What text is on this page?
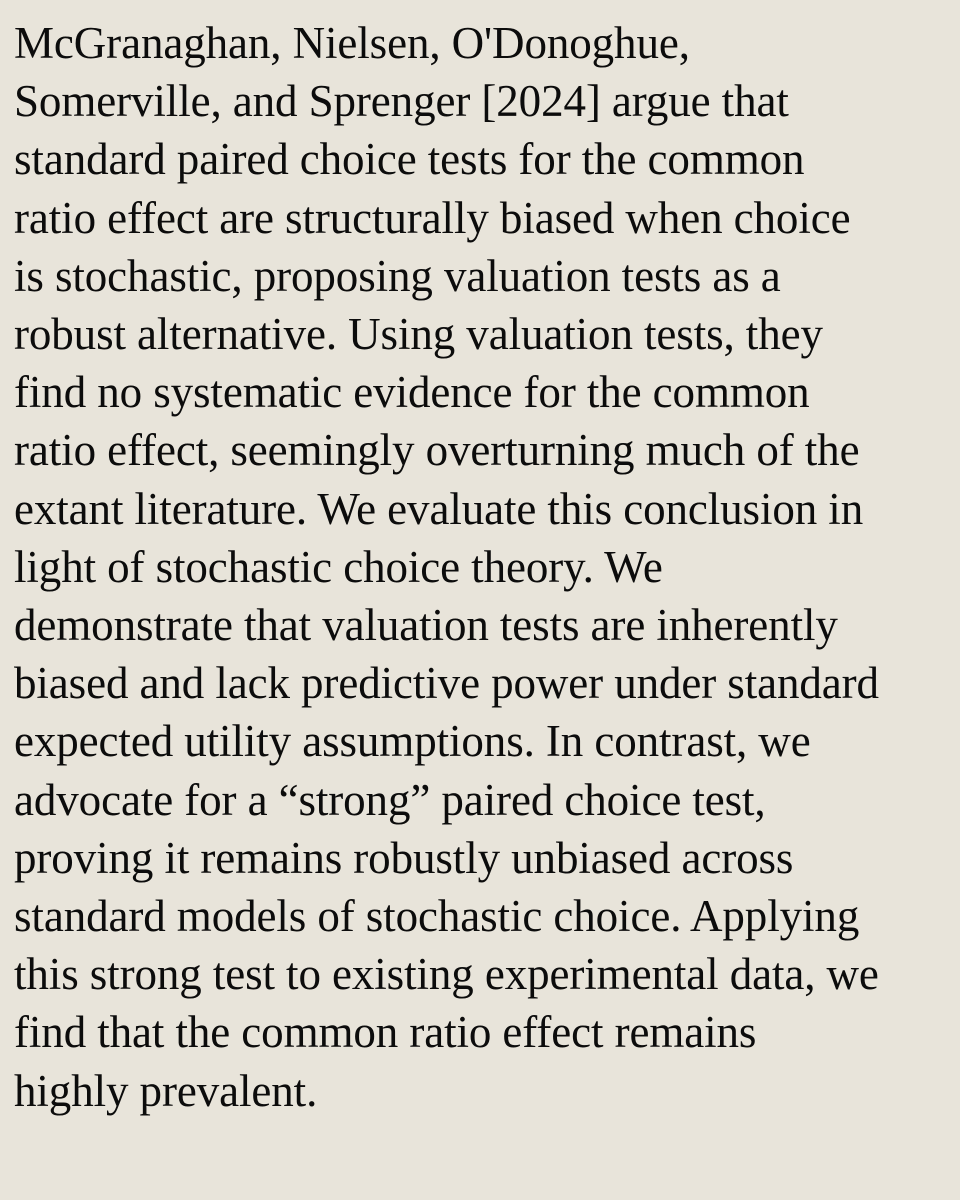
McGranaghan, Nielsen, O'Donoghue,
Somerville, and Sprenger [2024] argue that
standard paired choice tests for the common
ratio effect are structurally biased when choice
is stochastic, proposing valuation tests as a
robust alternative. Using valuation tests, they
find no systematic evidence for the common
ratio effect, seemingly overturning much of the
extant literature. We evaluate this conclusion in
light of stochastic choice theory. We
demonstrate that valuation tests are inherently
biased and lack predictive power under standard
expected utility assumptions. In contrast, we
advocate for a “strong” paired choice test,
proving it remains robustly unbiased across
standard models of stochastic choice. Applying
this strong test to existing experimental data, we
find that the common ratio effect remains
highly prevalent.
